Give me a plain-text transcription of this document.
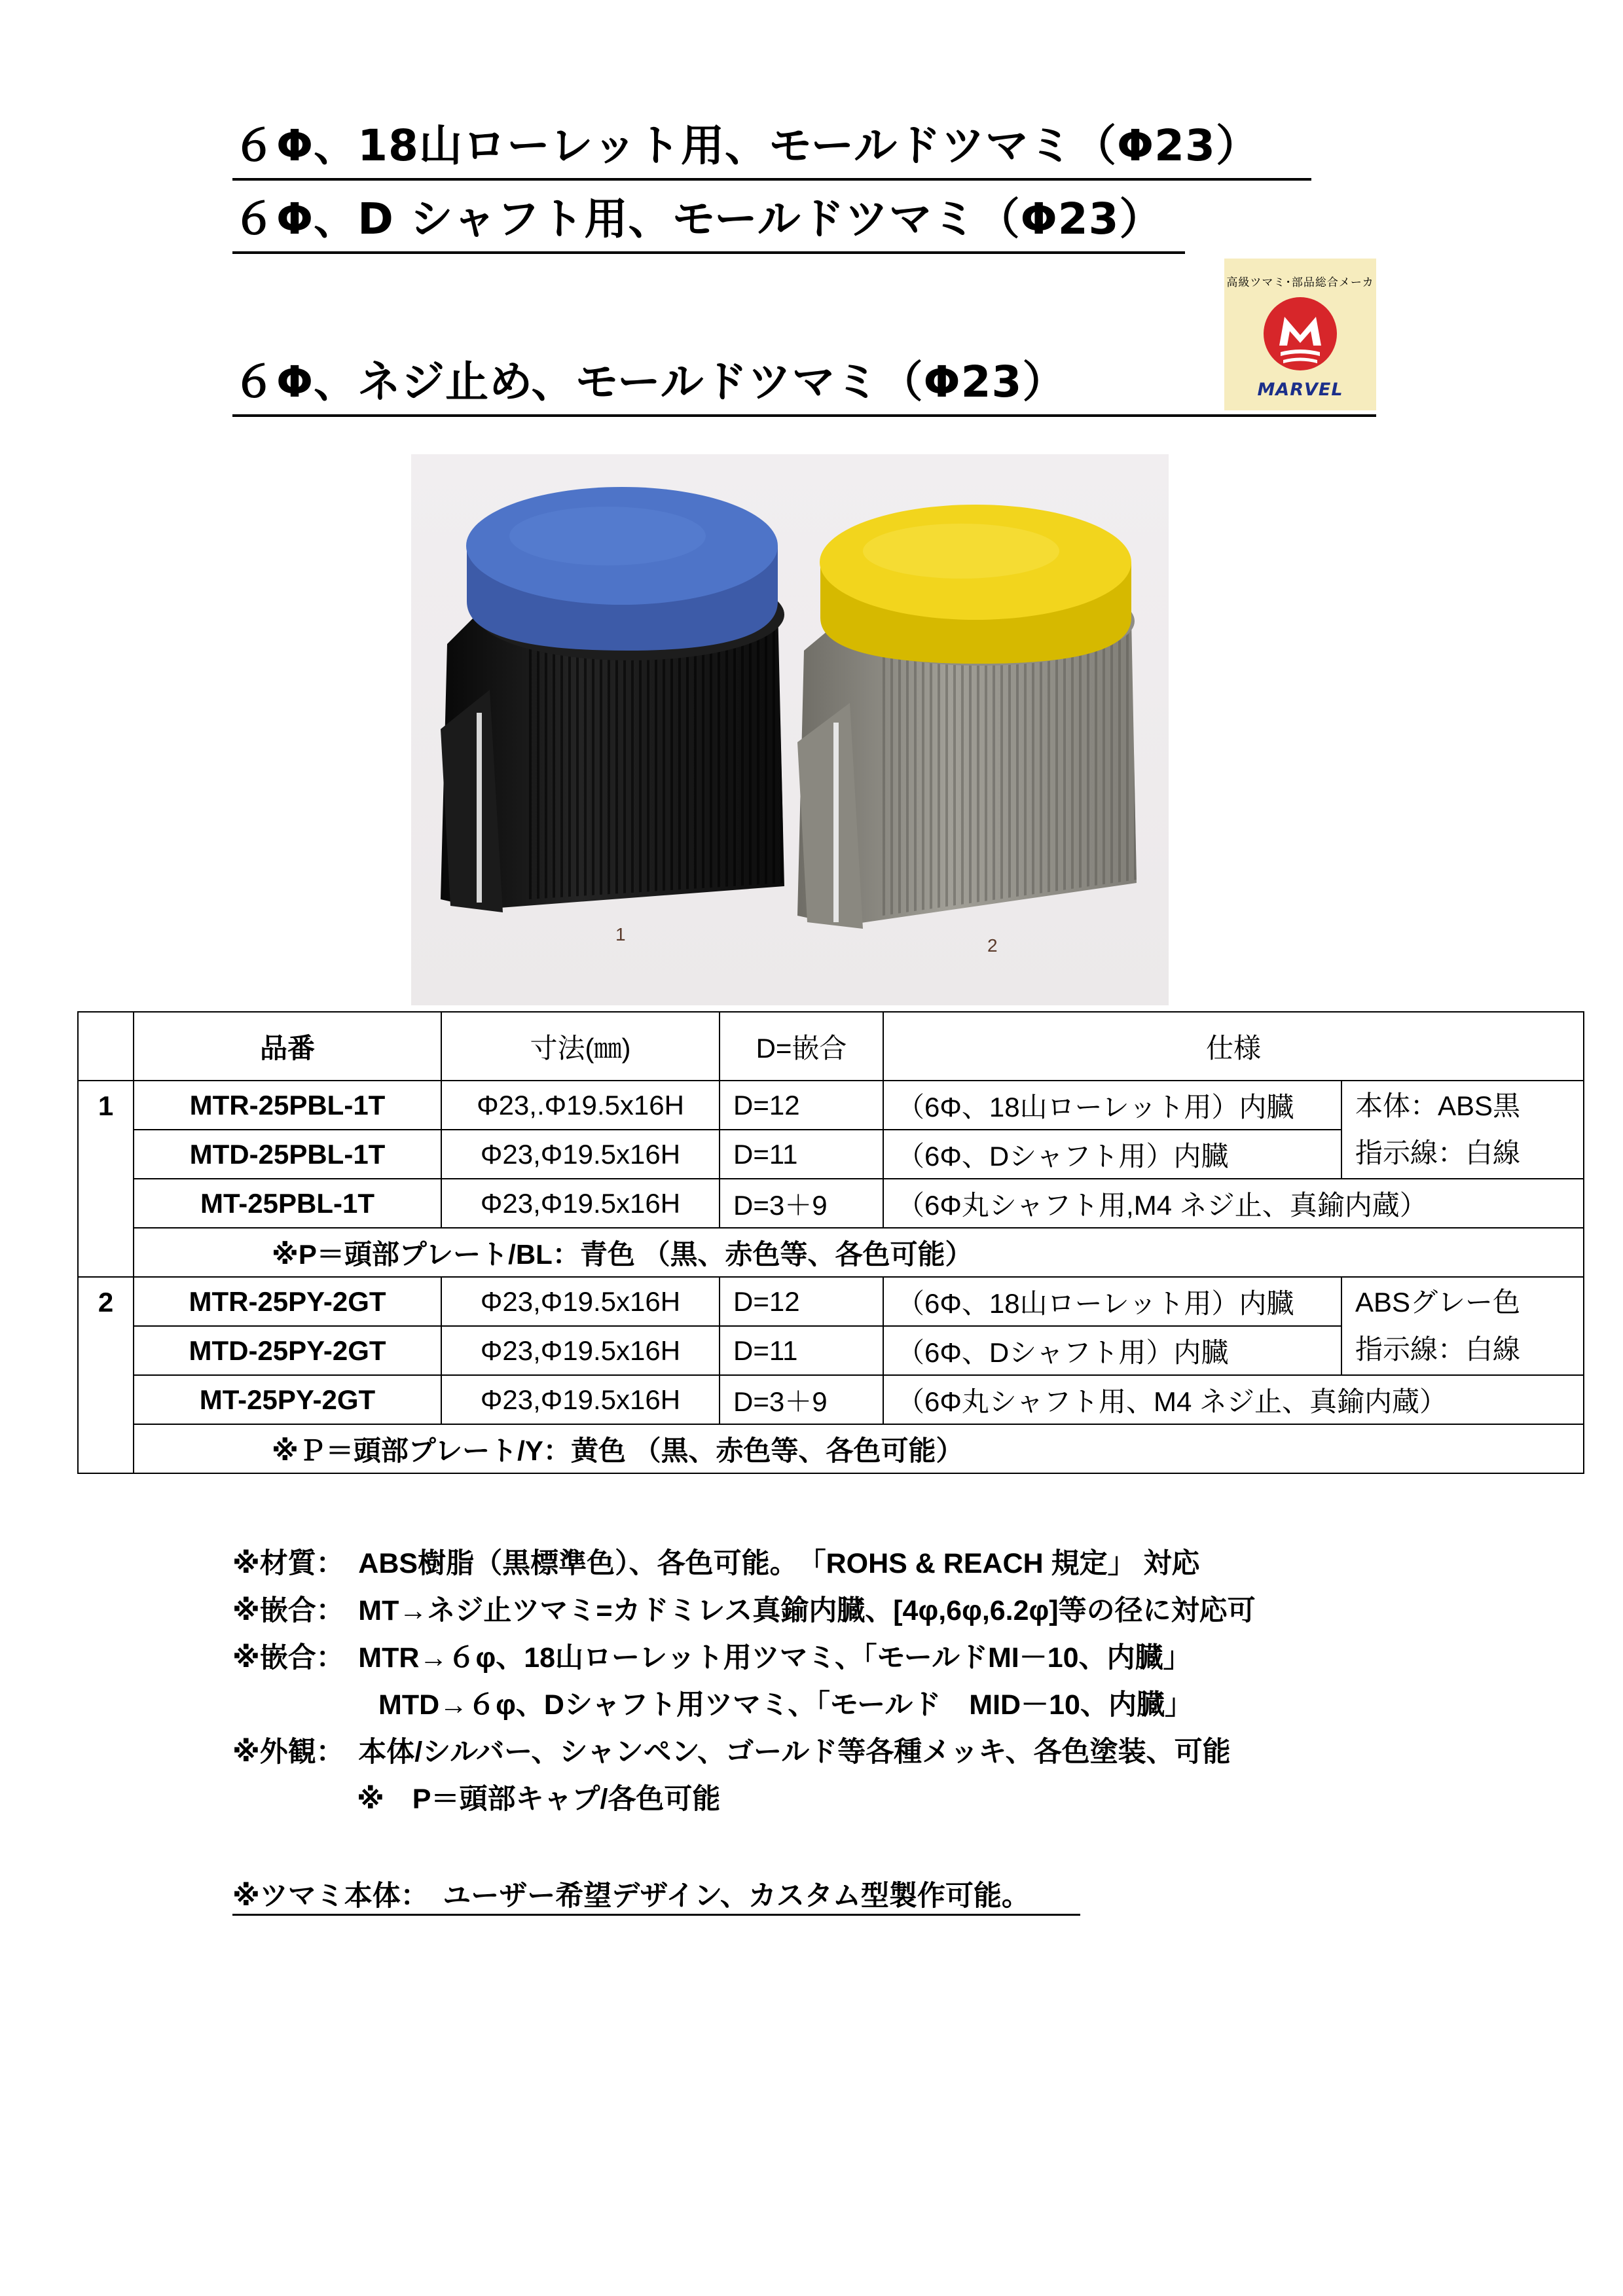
６Φ、18山ローレット用、モールドツマミ（Φ23）
６Φ、D シャフト用、モールドツマミ（Φ23）
６Φ、ネジ止め、モールドツマミ（Φ23）
高級ツマミ･部品総合メーカ
MARVEL
1
2
	品番	寸法(㎜)	D=嵌合	仕様	
1	MTR-25PBL-1T	Φ23,.Φ19.5x16H	D=12	（6Φ、18山ローレット用）内臓	本体：ABS黒
指示線：白線
	MTD-25PBL-1T	Φ23,Φ19.5x16H	D=11	（6Φ、Dシャフト用）内臓	
	MT-25PBL-1T	Φ23,Φ19.5x16H	D=3＋9	（6Φ丸シャフト用,M4 ネジ止、真鍮内蔵）	
	※P＝頭部プレート/BL：青色 （黒、赤色等、各色可能）				
2	MTR-25PY-2GT	Φ23,Φ19.5x16H	D=12	（6Φ、18山ローレット用）内臓	ABSグレー色
指示線：白線
	MTD-25PY-2GT	Φ23,Φ19.5x16H	D=11	（6Φ、Dシャフト用）内臓	
	MT-25PY-2GT	Φ23,Φ19.5x16H	D=3＋9	（6Φ丸シャフト用、M4 ネジ止、真鍮内蔵）	
	※Ｐ＝頭部プレート/Y：黄色 （黒、赤色等、各色可能）				
※材質：　ABS樹脂（黒標準色）、各色可能。　「ROHS & REACH 規定」 対応
※嵌合：　MT→ネジ止ツマミ=カドミレス真鍮内臓、[4φ,6φ,6.2φ]等の径に対応可
※嵌合：　MTR→６φ、18山ローレット用ツマミ、「モールドMI－10、内臓」
MTD→６φ、Dシャフト用ツマミ、「モールド　MID－10、内臓」
※外観：　本体/シルバー、シャンペン、ゴールド等各種メッキ、各色塗装、可能
※　P＝頭部キャプ/各色可能
※ツマミ本体：　ユーザー希望デザイン、カスタム型製作可能。
